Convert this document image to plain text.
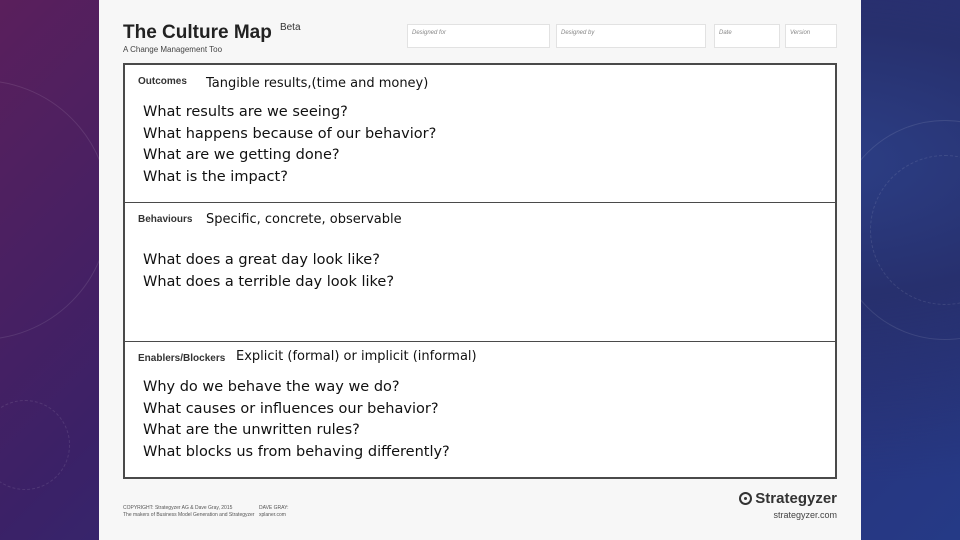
The Culture Map $^{Beta}$
A Change Management Too
Designed for	Designed by	Date	Version
Outcomes Tangible results,(time and money)
What results are we seeing?
What happens because of our behavior?
What are we getting done?
What is the impact?
Behaviours Specific, concrete, observable
What does a great day look like?
What does a terrible day look like?
Enablers/Blockers Explicit (formal) or implicit (informal)
Why do we behave the way we do?
What causes or influences our behavior?
What are the unwritten rules?
What blocks us from behaving differently?
COPYRIGHT: Strategyzer AG & Dave Gray, 2015
The makers of Business Model Generation and Strategyzer
DAVE GRAY:
xplaner.com
Strategyzer
strategyzer.com
